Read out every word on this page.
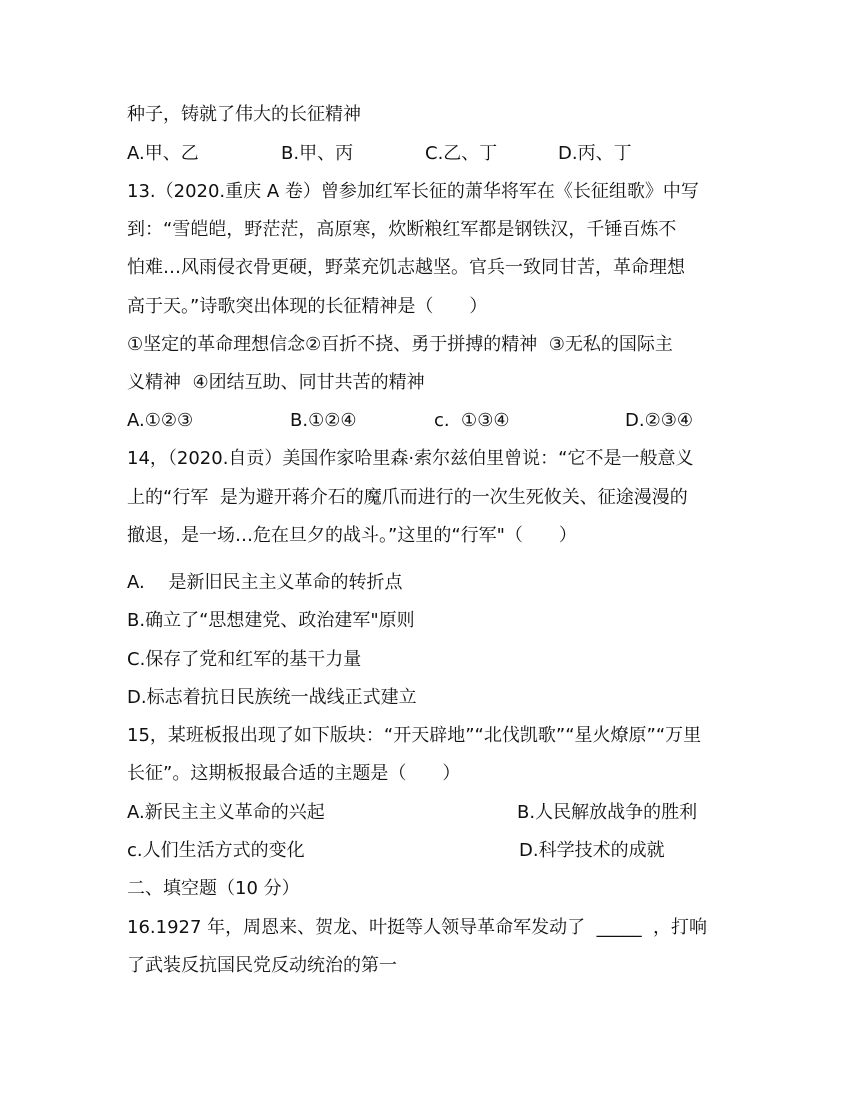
种子，铸就了伟大的长征精神
A.甲、乙	B.甲、丙	C.乙、丁	D.丙、丁
13.（2020.重庆 A 卷）曾参加红军长征的萧华将军在《长征组歌》中写
到：“雪皑皑，野茫茫，高原寒，炊断粮红军都是钢铁汉，千锤百炼不
怕难…风雨侵衣骨更硬，野菜充饥志越坚。官兵一致同甘苦，革命理想
高于天。”诗歌突出体现的长征精神是（　　）
①坚定的革命理想信念②百折不挠、勇于拼搏的精神  ③无私的国际主
义精神  ④团结互助、同甘共苦的精神
A.①②③	B.①②④	c.  ①③④	D.②③④
14，（2020.自贡）美国作家哈里森·索尔兹伯里曾说：“它不是一般意义
上的“行军  是为避开蒋介石的魔爪而进行的一次生死攸关、征途漫漫的
撤退，是一场…危在旦夕的战斗。”这里的“行军"（　　）
A.　 是新旧民主主义革命的转折点
B.确立了“思想建党、政治建军"原则
C.保存了党和红军的基干力量
D.标志着抗日民族统一战线正式建立
15，某班板报出现了如下版块：“开天辟地”“北伐凯歌”“星火燎原”“万里
长征”。这期板报最合适的主题是（　　）
A.新民主主义革命的兴起	B.人民解放战争的胜利
c.人们生活方式的变化	D.科学技术的成就
二、填空题（10 分）
16.1927 年，周恩来、贺龙、叶挺等人领导革命军发动了  _____  ，打响
了武装反抗国民党反动统治的第一
